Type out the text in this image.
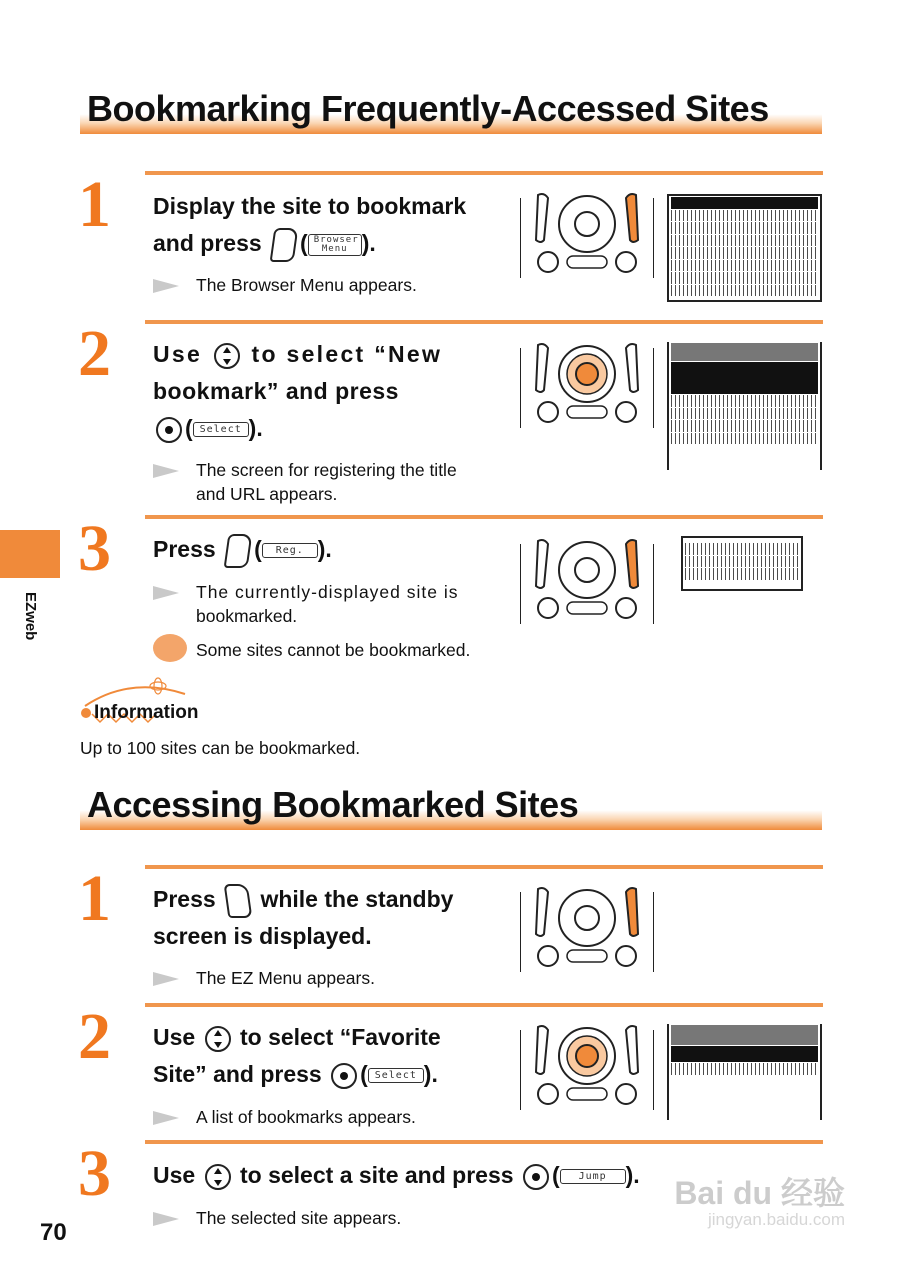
Bookmarking Frequently-Accessed Sites
1 Display the site to bookmark
and press ( Browser Menu ).
The Browser Menu appears.
2 Use to select “New
bookmark” and press
( Select ).
The screen for registering the title
and URL appears.
3 Press ( Reg. ).
The currently-displayed site is
bookmarked.
Some sites cannot be bookmarked.
Information
Up to 100 sites can be bookmarked.
Accessing Bookmarked Sites
1 Press while the standby
screen is displayed.
The EZ Menu appears.
2 Use to select “Favorite
Site” and press ( Select ).
A list of bookmarks appears.
3 Use to select a site and press ( Jump ).
The selected site appears.
EZweb
70
Bai du 经验
jingyan.baidu.com
